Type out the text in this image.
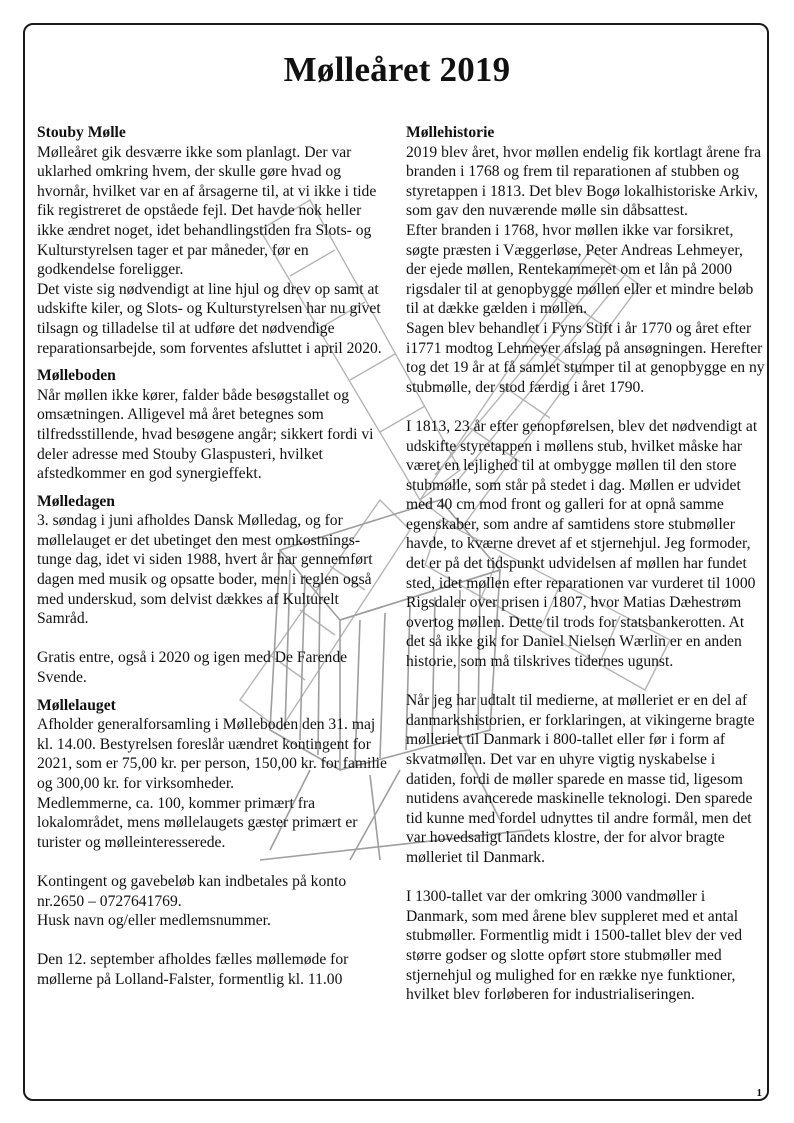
Mølleåret 2019
Stouby Mølle

Mølleåret gik desværre ikke som planlagt. Der var uklarhed omkring hvem, der skulle gøre hvad og hvornår, hvilket var en af årsagerne til, at vi ikke i tide fik registreret de opståede fejl. Det havde nok heller ikke ændret noget, idet behandlingstiden fra Slots- og Kulturstyrelsen tager et par måneder, før en godkendelse foreligger.

Det viste sig nødvendigt at line hjul og drev op samt at udskifte kiler, og Slots- og Kulturstyrelsen har nu givet tilsagn og tilladelse til at udføre det nødvendige reparationsarbejde, som forventes afsluttet i april 2020.

Mølleboden

Når møllen ikke kører, falder både besøgstallet og omsætningen. Alligevel må året betegnes som tilfredsstillende, hvad besøgene angår; sikkert fordi vi deler adresse med Stouby Glaspusteri, hvilket afstedkommer en god synergieffekt.

Mølledagen

3. søndag i juni afholdes Dansk Mølledag, og for møllelauget er det ubetinget den mest omkostnings-tunge dag, idet vi siden 1988, hvert år har gennemført dagen med musik og opsatte boder, men i reglen også med underskud, som delvist dækkes af Kulturelt Samråd.

Gratis entre, også i 2020 og igen med De Farende Svende.

Møllelauget

Afholder generalforsamling i Mølleboden den 31. maj kl. 14.00. Bestyrelsen foreslår uændret kontingent for 2021, som er 75,00 kr. per person, 150,00 kr. for familie og 300,00 kr. for virksomheder.

Medlemmerne, ca. 100, kommer primært fra lokalområdet, mens møllelaugets gæster primært er turister og mølleinteresserede.

Kontingent og gavebeløb kan indbetales på konto nr.2650 – 0727641769.

Husk navn og/eller medlemsnummer.

Den 12. september afholdes fælles møllemøde for møllerne på Lolland-Falster, formentlig kl. 11.00

Møllehistorie

2019 blev året, hvor møllen endelig fik kortlagt årene fra branden i 1768 og frem til reparationen af stubben og styretappen i 1813. Det blev Bogø lokalhistoriske Arkiv, som gav den nuværende mølle sin dåbsattest.

Efter branden i 1768, hvor møllen ikke var forsikret, søgte præsten i Væggerløse, Peter Andreas Lehmeyer, der ejede møllen, Rentekammeret om et lån på 2000 rigsdaler til at genopbygge møllen eller et mindre beløb til at dække gælden i møllen.

Sagen blev behandlet i Fyns Stift i år 1770 og året efter i1771 modtog Lehmeyer afslag på ansøgningen. Herefter tog det 19 år at få samlet stumper til at genopbygge en ny stubmølle, der stod færdig i året 1790.

I 1813, 23 år efter genopførelsen, blev det nødvendigt at udskifte styretappen i møllens stub, hvilket måske har været en lejlighed til at ombygge møllen til den store stubmølle, som står på stedet i dag. Møllen er udvidet med 40 cm mod front og galleri for at opnå samme egenskaber, som andre af samtidens store stubmøller havde, to kværne drevet af et stjernehjul. Jeg formoder, det er på det tidspunkt udvidelsen af møllen har fundet sted, idet møllen efter reparationen var vurderet til 1000 Rigsdaler over prisen i 1807, hvor Matias Dæhestrøm overtog møllen. Dette til trods for statsbankerotten. At det så ikke gik for Daniel Nielsen Wærlin er en anden historie, som må tilskrives tidernes ugunst.

Når jeg har udtalt til medierne, at mølleriet er en del af danmarkshistorien, er forklaringen, at vikingerne bragte mølleriet til Danmark i 800-tallet eller før i form af skvatmøllen. Det var en uhyre vigtig nyskabelse i datiden, fordi de møller sparede en masse tid, ligesom nutidens avancerede maskinelle teknologi. Den sparede tid kunne med fordel udnyttes til andre formål, men det var hovedsaligt landets klostre, der for alvor bragte mølleriet til Danmark.

I 1300-tallet var der omkring 3000 vandmøller i Danmark, som med årene blev suppleret med et antal stubmøller. Formentlig midt i 1500-tallet blev der ved større godser og slotte opført store stubmøller med stjernehjul og mulighed for en række nye funktioner, hvilket blev forløberen for industrialiseringen.

1
